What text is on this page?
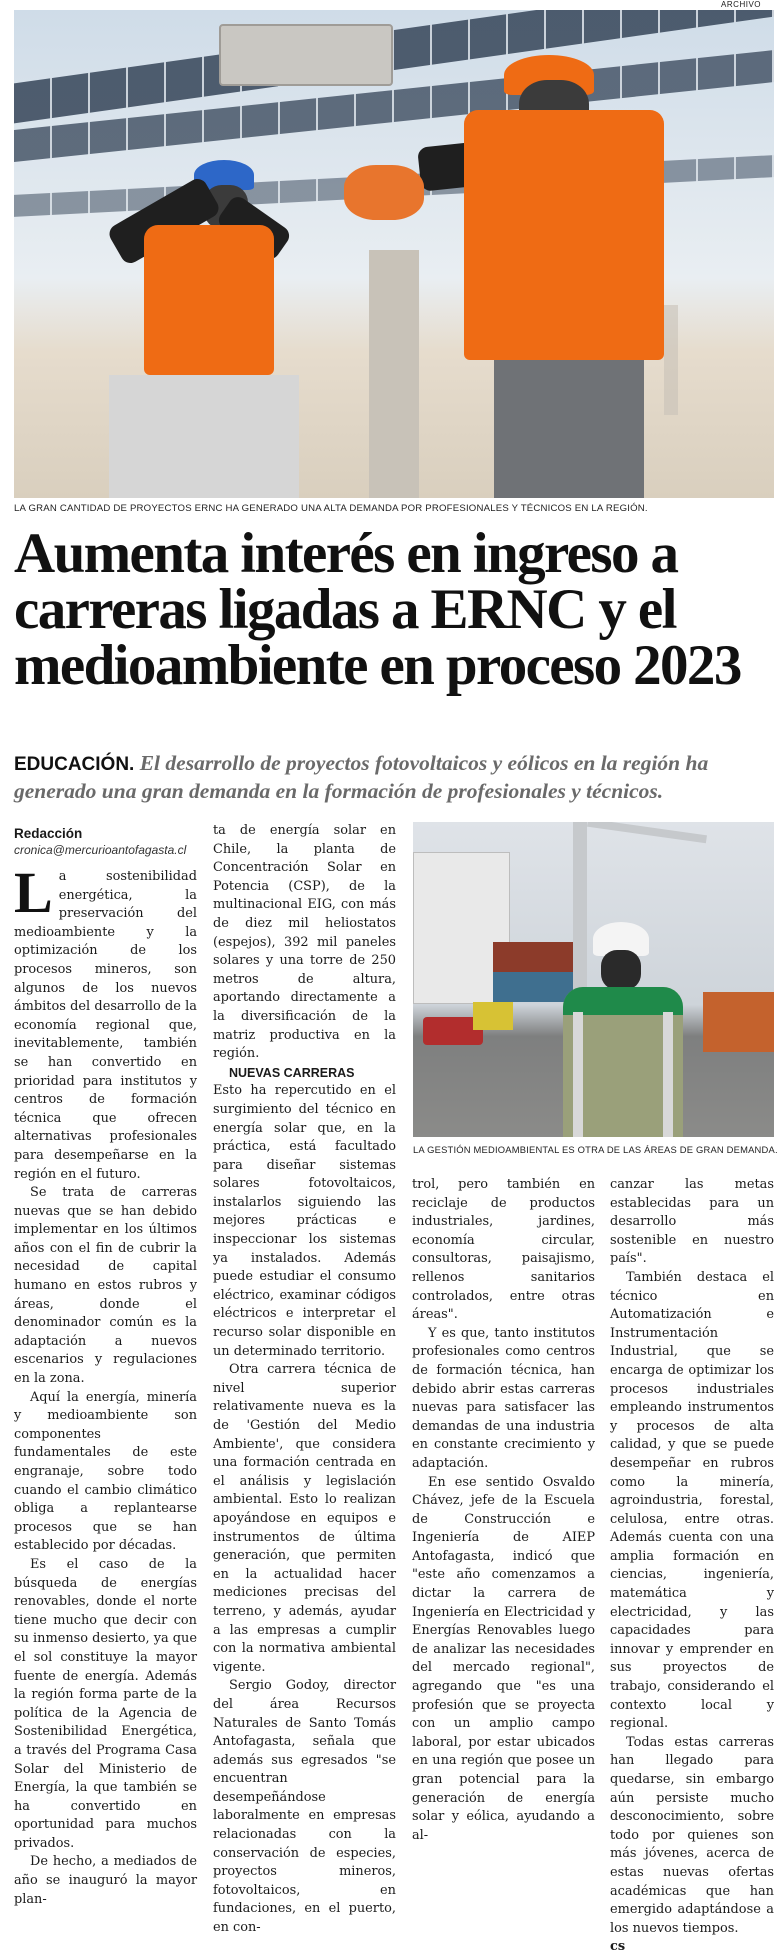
ARCHIVO
LA GRAN CANTIDAD DE PROYECTOS ERNC HA GENERADO UNA ALTA DEMANDA POR PROFESIONALES Y TÉCNICOS EN LA REGIÓN.
Aumenta interés en ingreso a
carreras ligadas a ERNC y el
medioambiente en proceso 2023
EDUCACIÓN. El desarrollo de proyectos fotovoltaicos y eólicos en la región ha generado una gran demanda en la formación de profesionales y técnicos.
Redacción
cronica@mercurioantofagasta.cl

La sostenibilidad energética, la preservación del medioambiente y la optimización de los procesos mineros, son algunos de los nuevos ámbitos del desarrollo de la economía regional que, inevitablemente, también se han convertido en prioridad para institutos y centros de formación técnica que ofrecen alternativas profesionales para desempeñarse en la región en el futuro.

Se trata de carreras nuevas que se han debido implementar en los últimos años con el fin de cubrir la necesidad de capital humano en estos rubros y áreas, donde el denominador común es la adaptación a nuevos escenarios y regulaciones en la zona.

Aquí la energía, minería y medioambiente son componentes fundamentales de este engranaje, sobre todo cuando el cambio climático obliga a replantearse procesos que se han establecido por décadas.

Es el caso de la búsqueda de energías renovables, donde el norte tiene mucho que decir con su inmenso desierto, ya que el sol constituye la mayor fuente de energía. Además la región forma parte de la política de la Agencia de Sostenibilidad Energética, a través del Programa Casa Solar del Ministerio de Energía, la que también se ha convertido en oportunidad para muchos privados.

De hecho, a mediados de año se inauguró la mayor plan-

ta de energía solar en Chile, la planta de Concentración Solar en Potencia (CSP), de la multinacional EIG, con más de diez mil heliostatos (espejos), 392 mil paneles solares y una torre de 250 metros de altura, aportando directamente a la diversificación de la matriz productiva en la región.

NUEVAS CARRERAS

Esto ha repercutido en el surgimiento del técnico en energía solar que, en la práctica, está facultado para diseñar sistemas solares fotovoltaicos, instalarlos siguiendo las mejores prácticas e inspeccionar los sistemas ya instalados. Además puede estudiar el consumo eléctrico, examinar códigos eléctricos e interpretar el recurso solar disponible en un determinado territorio.

Otra carrera técnica de nivel superior relativamente nueva es la de 'Gestión del Medio Ambiente', que considera una formación centrada en el análisis y legislación ambiental. Esto lo realizan apoyándose en equipos e instrumentos de última generación, que permiten en la actualidad hacer mediciones precisas del terreno, y además, ayudar a las empresas a cumplir con la normativa ambiental vigente.

Sergio Godoy, director del área Recursos Naturales de Santo Tomás Antofagasta, señala que además sus egresados "se encuentran desempeñándose laboralmente en empresas relacionadas con la conservación de especies, proyectos mineros, fotovoltaicos, en fundaciones, en el puerto, en con-

LA GESTIÓN MEDIOAMBIENTAL ES OTRA DE LAS ÁREAS DE GRAN DEMANDA.

trol, pero también en reciclaje de productos industriales, jardines, economía circular, consultoras, paisajismo, rellenos sanitarios controlados, entre otras áreas".

Y es que, tanto institutos profesionales como centros de formación técnica, han debido abrir estas carreras nuevas para satisfacer las demandas de una industria en constante crecimiento y adaptación.

En ese sentido Osvaldo Chávez, jefe de la Escuela de Construcción e Ingeniería de AIEP Antofagasta, indicó que "este año comenzamos a dictar la carrera de Ingeniería en Electricidad y Energías Renovables luego de analizar las necesidades del mercado regional", agregando que "es una profesión que se proyecta con un amplio campo laboral, por estar ubicados en una región que posee un gran potencial para la generación de energía solar y eólica, ayudando a al-

canzar las metas establecidas para un desarrollo más sostenible en nuestro país".

También destaca el técnico en Automatización e Instrumentación Industrial, que se encarga de optimizar los procesos industriales empleando instrumentos y procesos de alta calidad, y que se puede desempeñar en rubros como la minería, agroindustria, forestal, celulosa, entre otras. Además cuenta con una amplia formación en ciencias, ingeniería, matemática y electricidad, y las capacidades para innovar y emprender en sus proyectos de trabajo, considerando el contexto local y regional.

Todas estas carreras han llegado para quedarse, sin embargo aún persiste mucho desconocimiento, sobre todo por quienes son más jóvenes, acerca de estas nuevas ofertas académicas que han emergido adaptándose a los nuevos tiempos.

cs
